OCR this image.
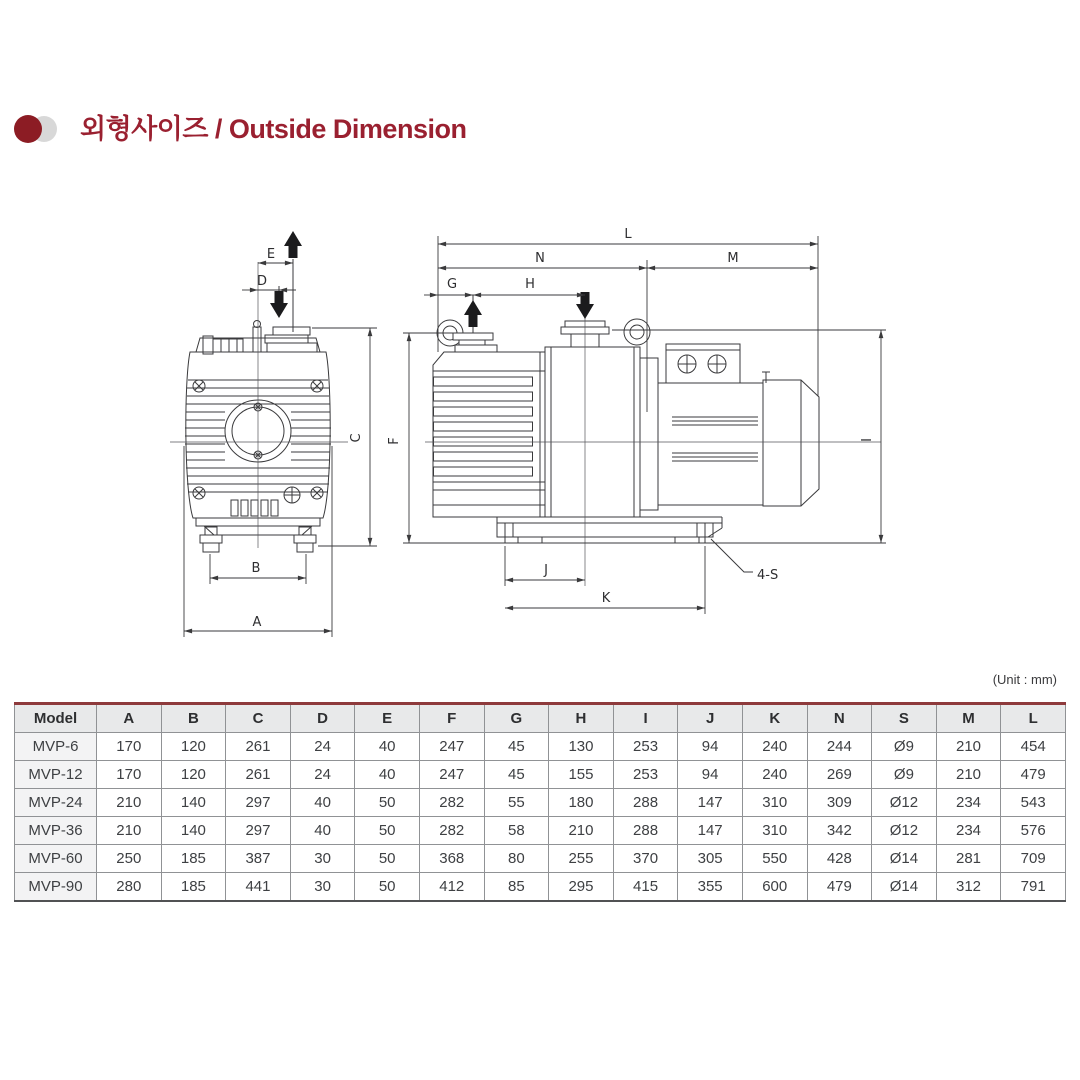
외형사이즈 / Outside Dimension
E
D
C
B
A
L
N	M
G	H
F	I
J
K
4-S
(Unit : mm)
Model	A	B	C	D	E	F	G	H	I	J	K	N	S	M	L
MVP-6	170	120	261	24	40	247	45	130	253	94	240	244	Ø9	210	454
MVP-12	170	120	261	24	40	247	45	155	253	94	240	269	Ø9	210	479
MVP-24	210	140	297	40	50	282	55	180	288	147	310	309	Ø12	234	543
MVP-36	210	140	297	40	50	282	58	210	288	147	310	342	Ø12	234	576
MVP-60	250	185	387	30	50	368	80	255	370	305	550	428	Ø14	281	709
MVP-90	280	185	441	30	50	412	85	295	415	355	600	479	Ø14	312	791
